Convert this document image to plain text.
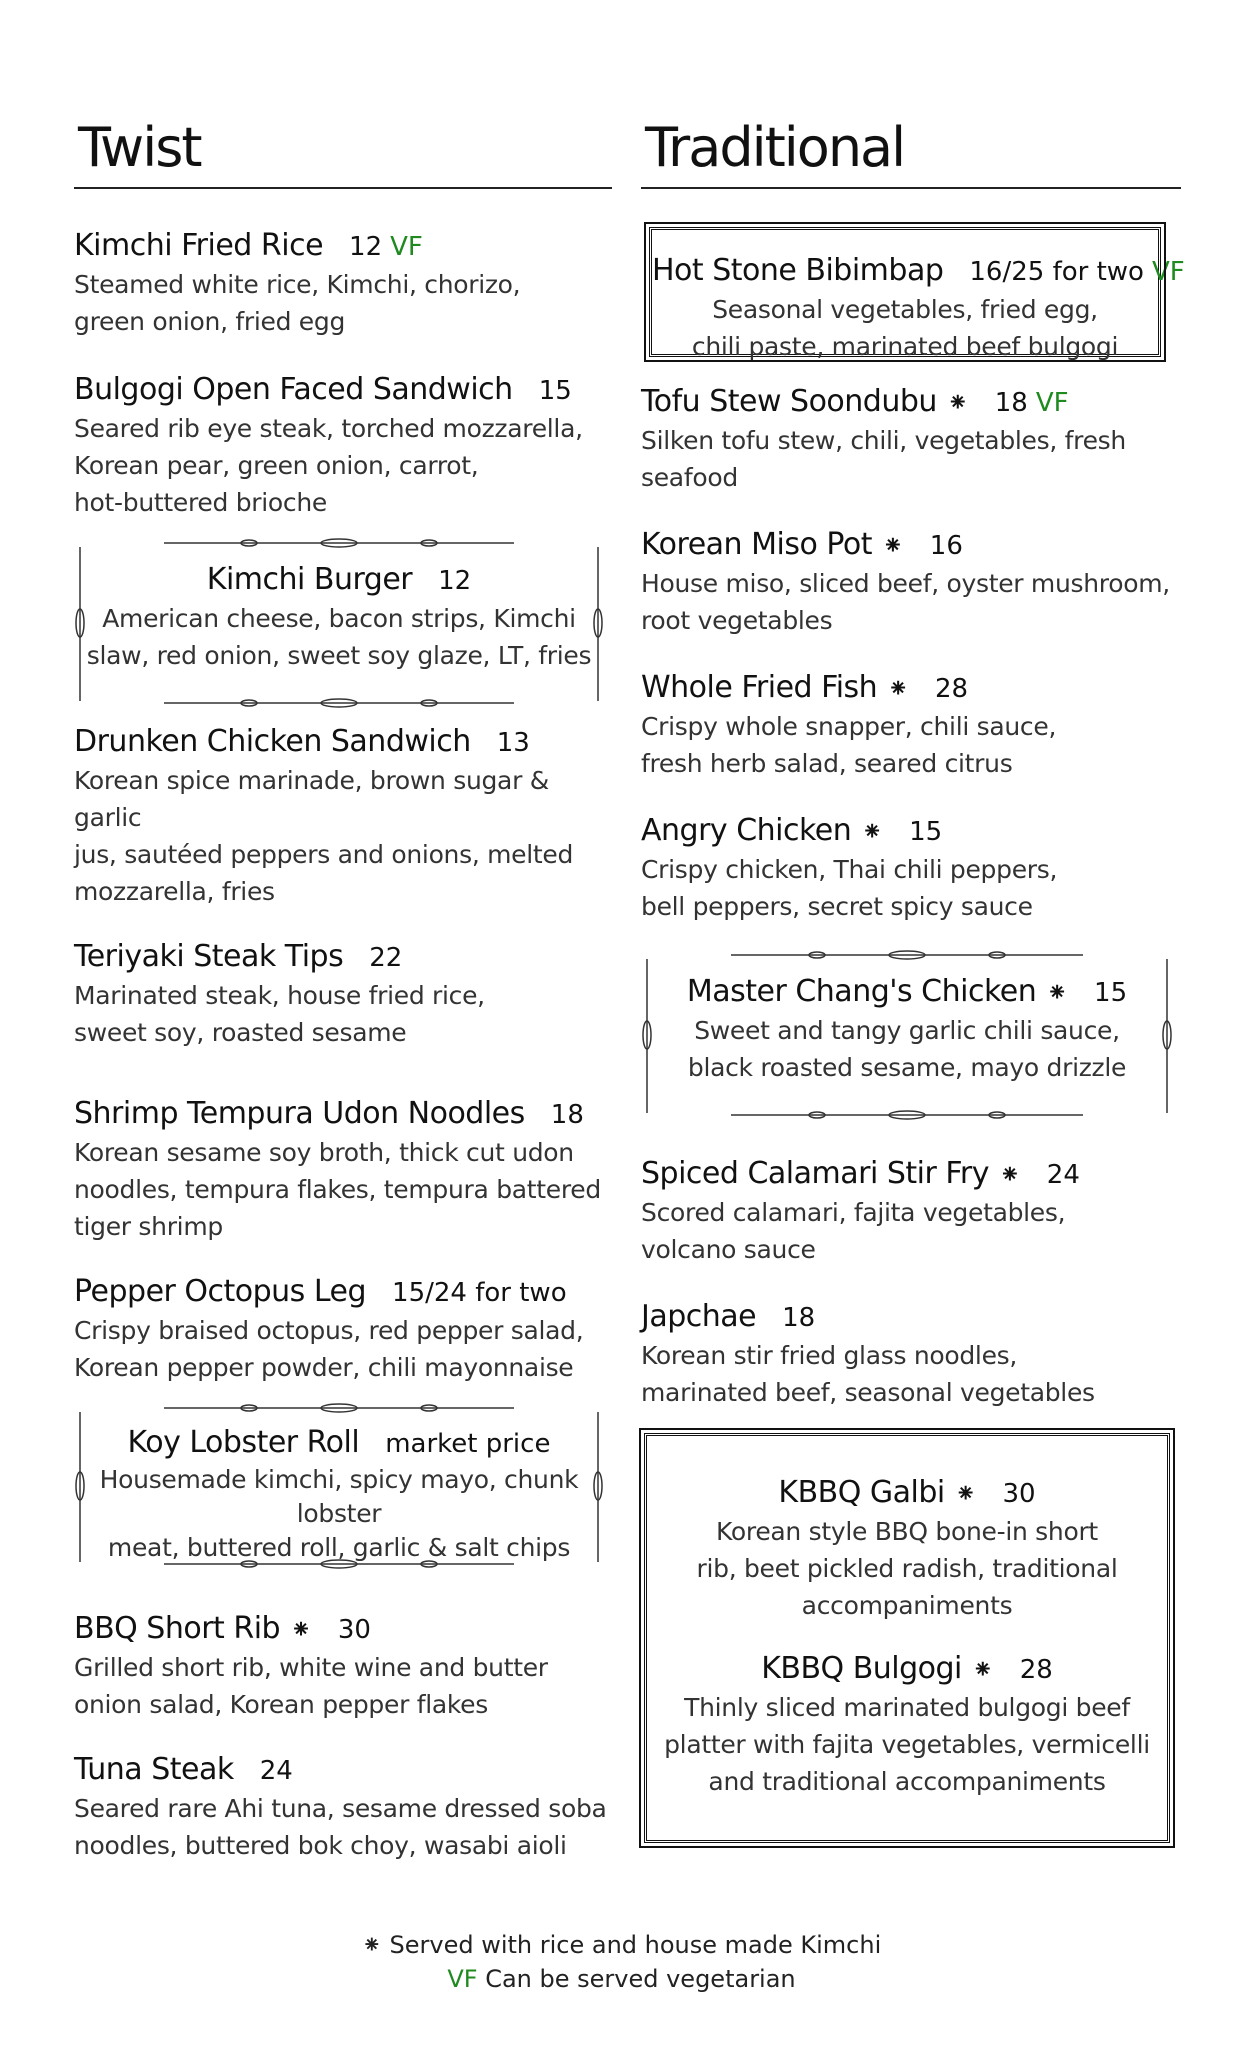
Twist
Kimchi Fried Rice 12 VF
Steamed white rice, Kimchi, chorizo,
green onion, fried egg
Bulgogi Open Faced Sandwich 15
Seared rib eye steak, torched mozzarella,
Korean pear, green onion, carrot,
hot-buttered brioche
Kimchi Burger 12
American cheese, bacon strips, Kimchi
slaw, red onion, sweet soy glaze, LT, fries
Drunken Chicken Sandwich 13
Korean spice marinade, brown sugar & garlic
jus, sautéed peppers and onions, melted
mozzarella, fries
Teriyaki Steak Tips 22
Marinated steak, house fried rice,
sweet soy, roasted sesame
Shrimp Tempura Udon Noodles 18
Korean sesame soy broth, thick cut udon
noodles, tempura flakes, tempura battered
tiger shrimp
Pepper Octopus Leg 15/24 for two
Crispy braised octopus, red pepper salad,
Korean pepper powder, chili mayonnaise
Koy Lobster Roll market price
Housemade kimchi, spicy mayo, chunk lobster
meat, buttered roll, garlic & salt chips
BBQ Short Rib ⁕ 30
Grilled short rib, white wine and butter
onion salad, Korean pepper flakes
Tuna Steak 24
Seared rare Ahi tuna, sesame dressed soba
noodles, buttered bok choy, wasabi aioli
Traditional
Hot Stone Bibimbap 16/25 for two VF
Seasonal vegetables, fried egg,
chili paste, marinated beef bulgogi
Tofu Stew Soondubu ⁕ 18 VF
Silken tofu stew, chili, vegetables, fresh seafood
Korean Miso Pot ⁕ 16
House miso, sliced beef, oyster mushroom,
root vegetables
Whole Fried Fish ⁕ 28
Crispy whole snapper, chili sauce,
fresh herb salad, seared citrus
Angry Chicken ⁕ 15
Crispy chicken, Thai chili peppers,
bell peppers, secret spicy sauce
Master Chang's Chicken ⁕ 15
Sweet and tangy garlic chili sauce,
black roasted sesame, mayo drizzle
Spiced Calamari Stir Fry ⁕ 24
Scored calamari, fajita vegetables,
volcano sauce
Japchae 18
Korean stir fried glass noodles,
marinated beef, seasonal vegetables
KBBQ Galbi ⁕ 30
Korean style BBQ bone-in short
rib, beet pickled radish, traditional
accompaniments
KBBQ Bulgogi ⁕ 28
Thinly sliced marinated bulgogi beef
platter with fajita vegetables, vermicelli
and traditional accompaniments
⁕ Served with rice and house made Kimchi
VF Can be served vegetarian
